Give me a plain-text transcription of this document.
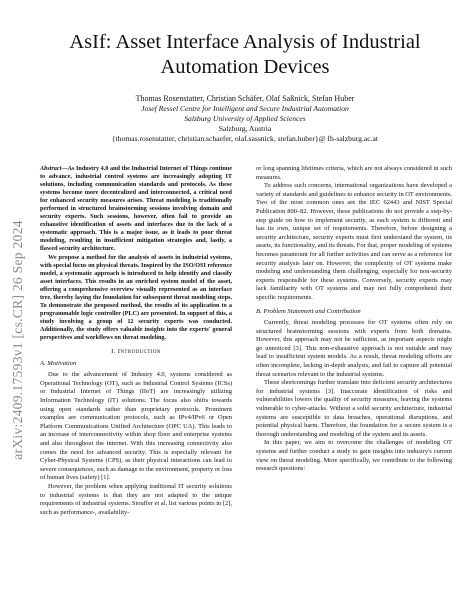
arXiv:2409.17593v1 [cs.CR] 26 Sep 2024
AsIf: Asset Interface Analysis of Industrial
Automation Devices
Thomas Rosenstatter, Christian Schäfer, Olaf Saßnick, Stefan Huber
Josef Ressel Centre for Intelligent and Secure Industrial Automation
Salzburg University of Applied Sciences
Salzburg, Austria
{thomas.rosenstatter, christian.schaefer, olaf.sassnick, stefan.huber}@ fh-salzburg.ac.at

Abstract—As Industry 4.0 and the Industrial Internet of Things continue to advance, industrial control systems are increasingly adopting IT solutions, including communication standards and protocols. As these systems become more decentralized and interconnected, a critical need for enhanced security measures arises. Threat modeling is traditionally performed in structured brainstorming sessions involving domain and security experts. Such sessions, however, often fail to provide an exhaustive identification of assets and interfaces due to the lack of a systematic approach. This is a major issue, as it leads to poor threat modeling, resulting in insufficient mitigation strategies and, lastly, a flawed security architecture.

We propose a method for the analysis of assets in industrial systems, with special focus on physical threats. Inspired by the ISO/OSI reference model, a systematic approach is introduced to help identify and classify asset interfaces. This results in an enriched system model of the asset, offering a comprehensive overview visually represented as an interface tree, thereby laying the foundation for subsequent threat modeling steps. To demonstrate the proposed method, the results of its application to a programmable logic controller (PLC) are presented. In support of this, a study involving a group of 12 security experts was conducted. Additionally, the study offers valuable insights into the experts' general perspectives and workflows on threat modeling.

I. Introduction
A. Motivation

Due to the advancement of Industry 4.0, systems considered as Operational Technology (OT), such as Industrial Control Systems (ICSs) or Industrial Internet of Things (IIoT) are increasingly utilizing Information Technology (IT) solutions. The focus also shifts towards using open standards rather than proprietary protocols. Prominent examples are communication protocols, such as IPv4/IPv6 or Open Platform Communications Unified Architecture (OPC UA). This leads to an increase of interconnectivity within shop floor and enterprise systems and also throughout the internet. With this increasing connectivity also comes the need for advanced security. This is especially relevant for Cyber-Physical Systems (CPS), as their physical interactions can lead to severe consequences, such as damage to the environment, property or loss of human lives (safety) [1].

However, the problem when applying traditional IT security solutions to industrial systems is that they are not adapted to the unique requirements of industrial systems. Stouffer et al. list various points in [2], such as performance-, availability-

or long spanning lifetimes criteria, which are not always considered in such measures.

To address such concerns, international organizations have developed a variety of standards and guidelines to enhance security in OT environments. Two of the most common ones are the IEC 62443 and NIST Special Publication 800–82. However, these publications do not provide a step-by-step guide on how to implement security, as each system is different and has its own, unique set of requirements. Therefore, before designing a security architecture, security experts must first understand the system, its assets, its functionality, and its threats. For that, proper modeling of systems becomes paramount for all further activities and can serve as a reference for security analysis later on. However, the complexity of OT systems make modeling and understanding them challenging, especially for non-security experts responsible for these systems. Conversely, security experts may lack familiarity with OT systems and may not fully comprehend their specific requirements.

B. Problem Statement and Contribution

Currently, threat modeling processes for OT systems often rely on structured brainstorming sessions with experts from both domains. However, this approach may not be sufficient, as important aspects might go unnoticed [3]. This non-exhaustive approach is not suitable and may lead to insufficient system models. As a result, threat modeling efforts are often incomplete, lacking in-depth analysis, and fail to capture all potential threat scenarios relevant to the industrial systems.

These shortcomings further translate into deficient security architectures for industrial systems [3]. Inaccurate identification of risks and vulnerabilities lowers the quality of security measures, leaving the systems vulnerable to cyber-attacks. Without a solid security architecture, industrial systems are susceptible to data breaches, operational disruptions, and potential physical harm. Therefore, the foundation for a secure system is a thorough understanding and modeling of the system and its assets.

In this paper, we aim to overcome the challenges of modeling OT systems and further conduct a study to gain insights into industry's current view on threat modeling. More specifically, we contribute to the following research questions:
